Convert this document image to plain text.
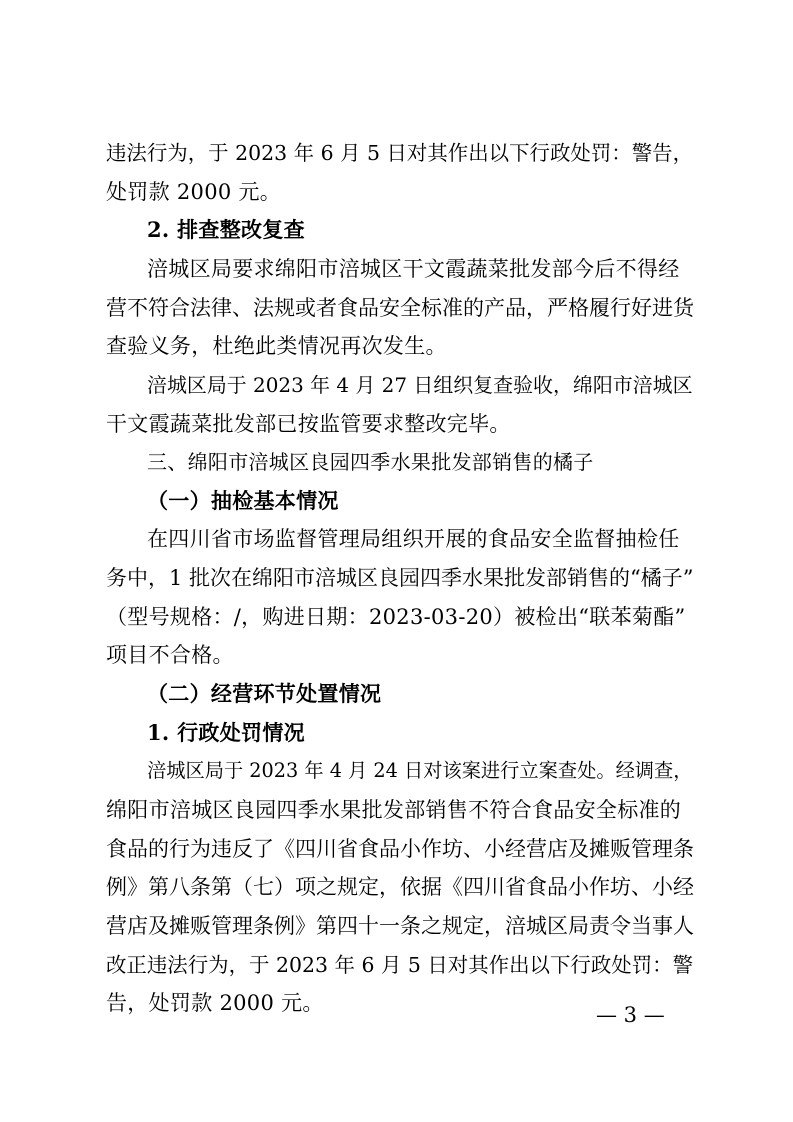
违法行为，于 2023 年 6 月 5 日对其作出以下行政处罚：警告，
处罚款 2000 元。
2. 排查整改复查
涪城区局要求绵阳市涪城区干文霞蔬菜批发部今后不得经
营不符合法律、法规或者食品安全标准的产品，严格履行好进货
查验义务，杜绝此类情况再次发生。
涪城区局于 2023 年 4 月 27 日组织复查验收，绵阳市涪城区
干文霞蔬菜批发部已按监管要求整改完毕。
三、绵阳市涪城区良园四季水果批发部销售的橘子
（一）抽检基本情况
在四川省市场监督管理局组织开展的食品安全监督抽检任
务中，1 批次在绵阳市涪城区良园四季水果批发部销售的“橘子”
（型号规格：/，购进日期：2023-03-20）被检出“联苯菊酯”
项目不合格。
（二）经营环节处置情况
1. 行政处罚情况
涪城区局于 2023 年 4 月 24 日对该案进行立案查处。经调查，
绵阳市涪城区良园四季水果批发部销售不符合食品安全标准的
食品的行为违反了《四川省食品小作坊、小经营店及摊贩管理条
例》第八条第（七）项之规定，依据《四川省食品小作坊、小经
营店及摊贩管理条例》第四十一条之规定，涪城区局责令当事人
改正违法行为，于 2023 年 6 月 5 日对其作出以下行政处罚：警
告，处罚款 2000 元。	— 3 —
